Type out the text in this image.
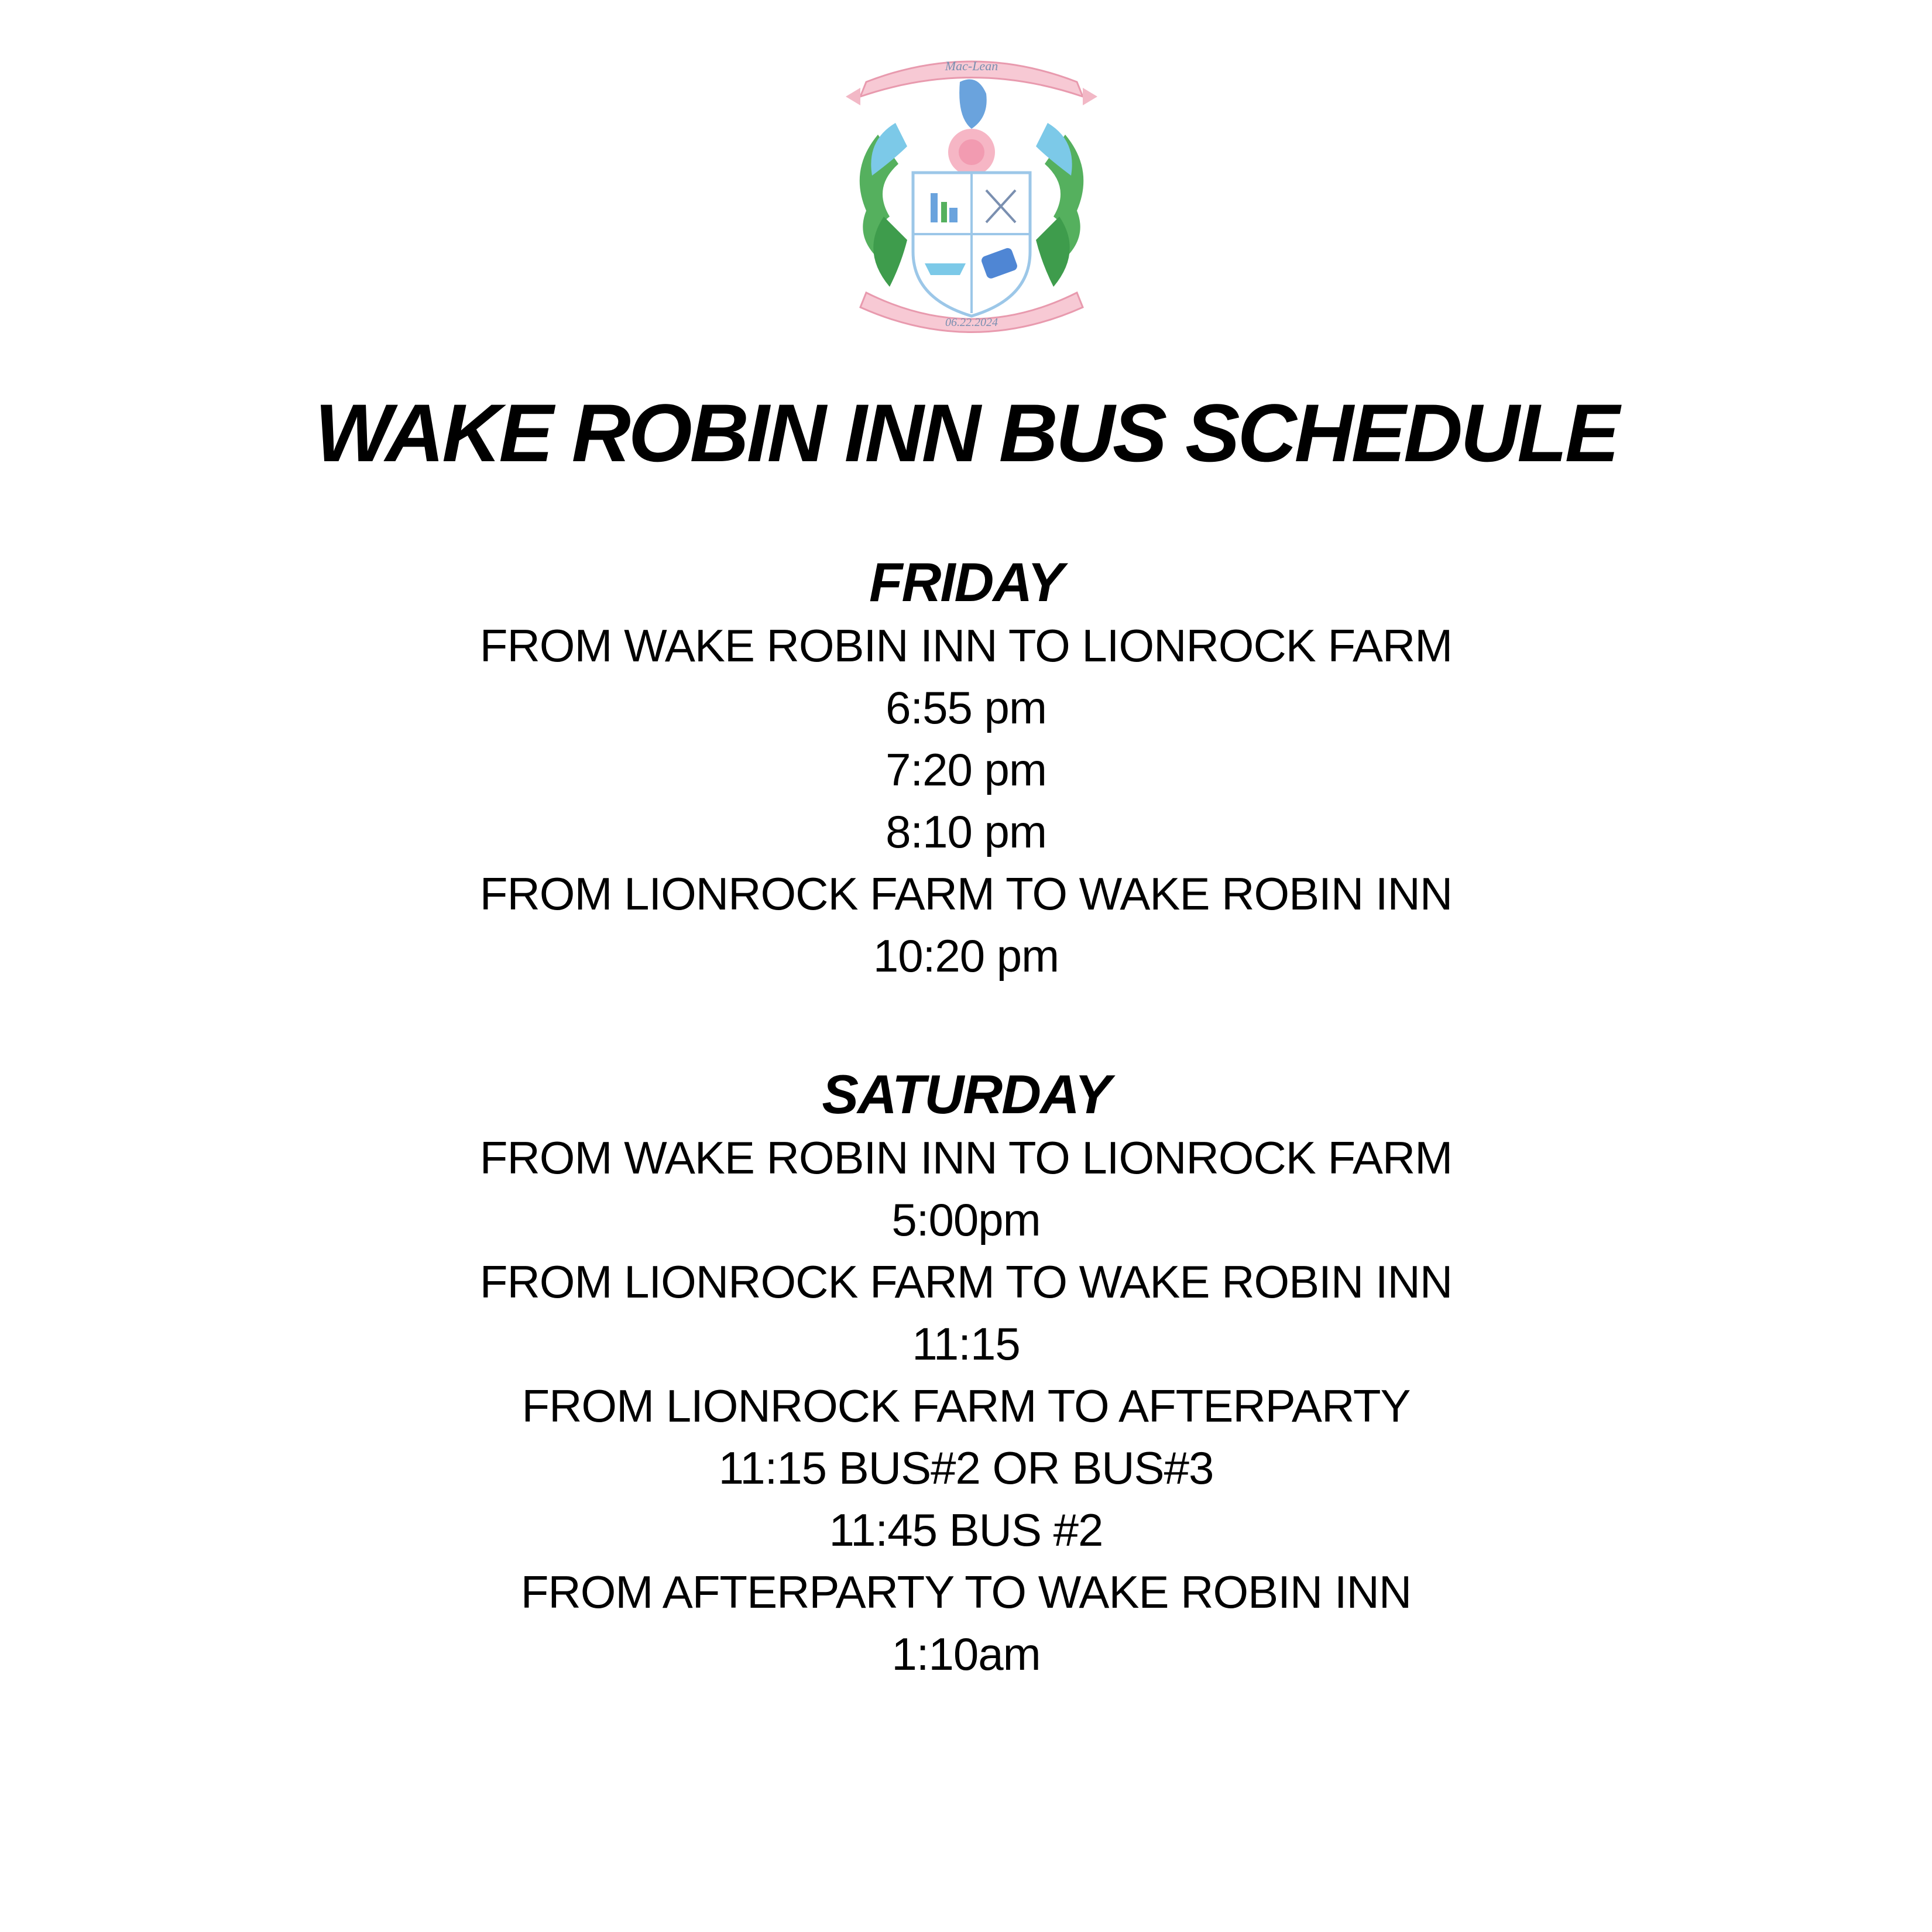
Mac-Lean
06.22.2024
WAKE ROBIN INN BUS SCHEDULE
FRIDAY
FROM WAKE ROBIN INN TO LIONROCK FARM
6:55 pm
7:20 pm
8:10 pm
FROM LIONROCK FARM TO WAKE ROBIN INN
10:20 pm
SATURDAY
FROM WAKE ROBIN INN TO LIONROCK FARM
5:00pm
FROM LIONROCK FARM TO WAKE ROBIN INN
11:15
FROM LIONROCK FARM TO AFTERPARTY
11:15 BUS#2 OR BUS#3
11:45 BUS #2
FROM AFTERPARTY TO WAKE ROBIN INN
1:10am
